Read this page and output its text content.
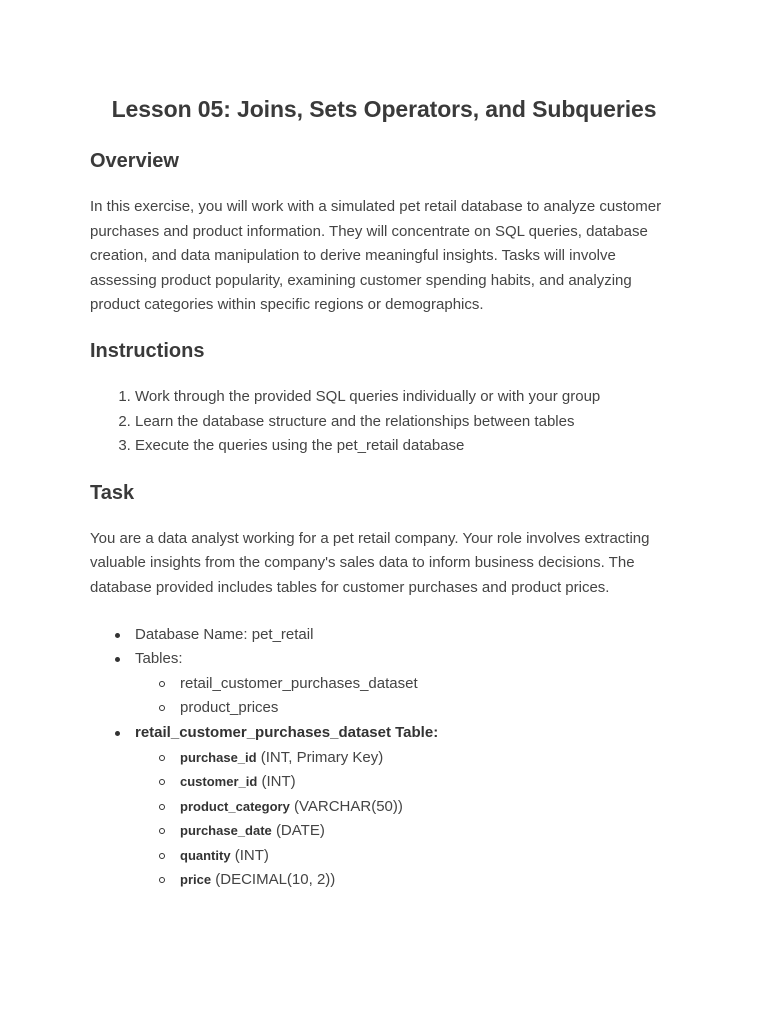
Lesson 05: Joins, Sets Operators, and Subqueries
Overview

In this exercise, you will work with a simulated pet retail database to analyze customer purchases and product information. They will concentrate on SQL queries, database creation, and data manipulation to derive meaningful insights. Tasks will involve assessing product popularity, examining customer spending habits, and analyzing product categories within specific regions or demographics.

Instructions
1. Work through the provided SQL queries individually or with your group
2. Learn the database structure and the relationships between tables
3. Execute the queries using the pet_retail database
Task

You are a data analyst working for a pet retail company. Your role involves extracting valuable insights from the company's sales data to inform business decisions. The database provided includes tables for customer purchases and product prices.

Database Name: pet_retail
Tables:
retail_customer_purchases_dataset
product_prices
retail_customer_purchases_dataset Table:
purchase_id (INT, Primary Key)
customer_id (INT)
product_category (VARCHAR(50))
purchase_date (DATE)
quantity (INT)
price (DECIMAL(10, 2))
